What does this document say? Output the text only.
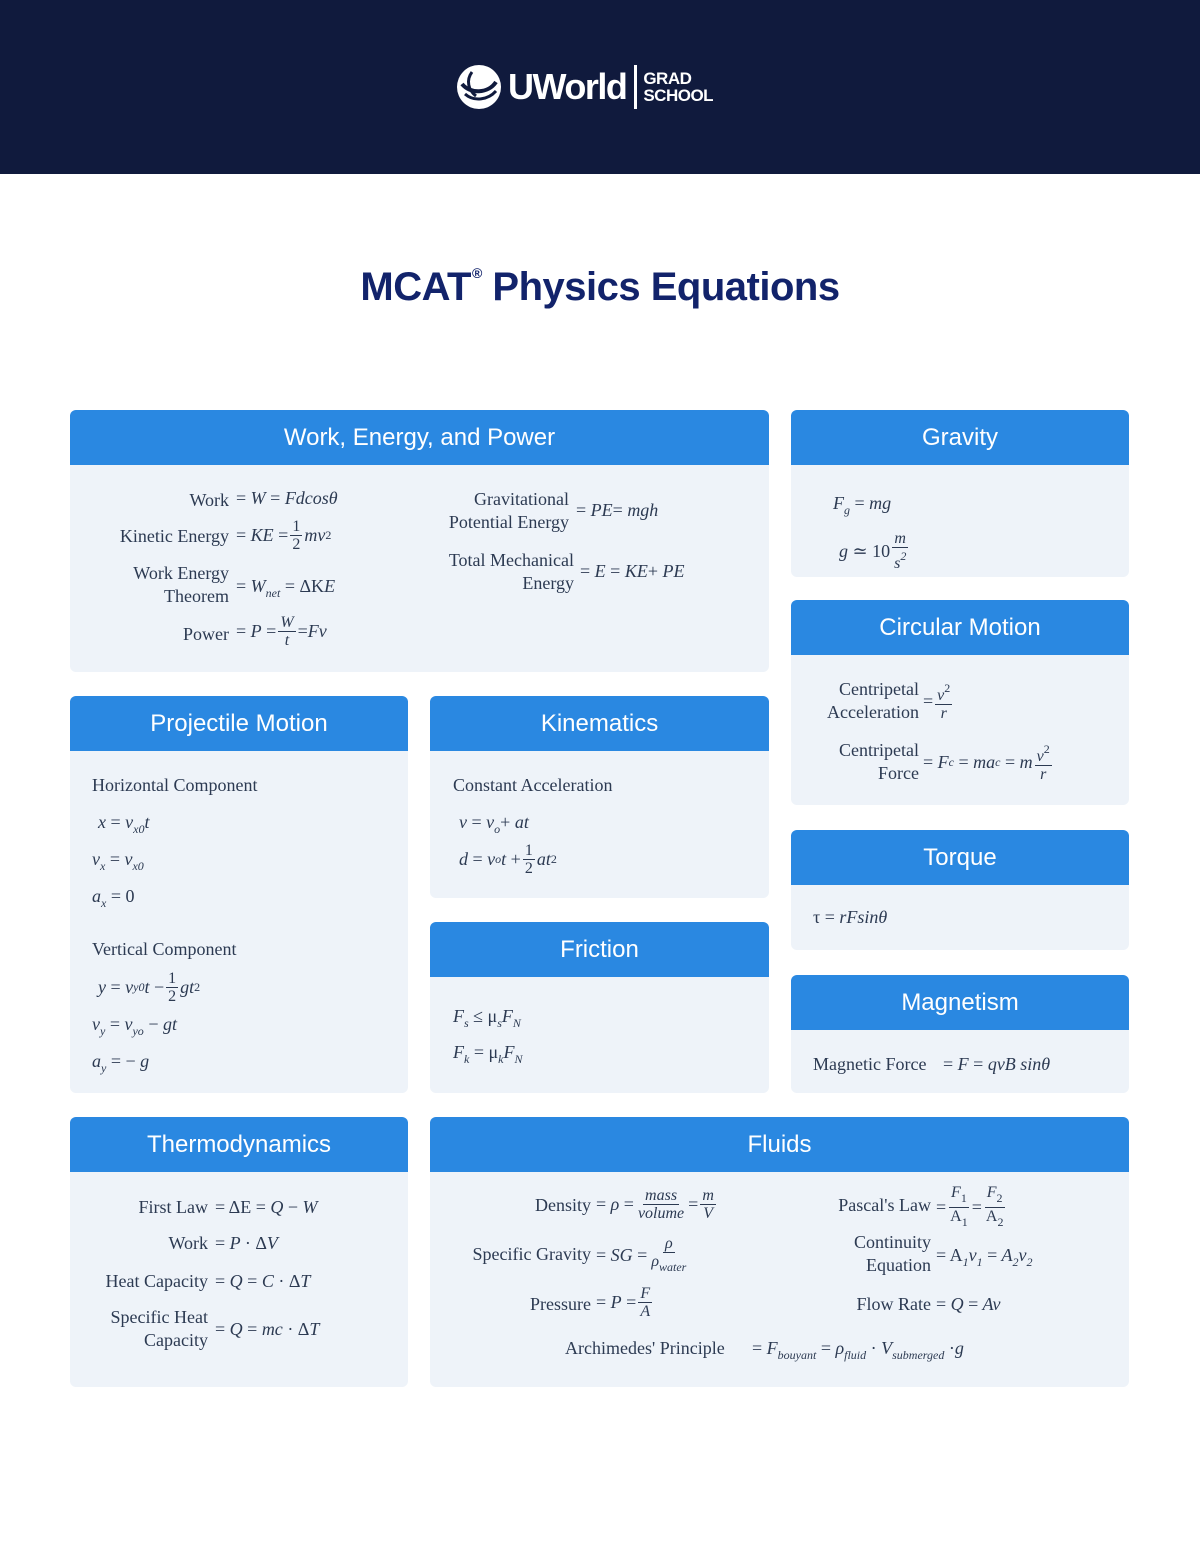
UWorld GRAD
SCHOOL
MCAT® Physics Equations
Work, Energy, and Power
Work = W = Fdcosθ
Kinetic Energy = KE = $\frac{1}{2}$ mv 2
Work Energy
Theorem = $W_{net} = \Delta KE$
Power = $P = \frac{W}{t} = Fv$
Gravitational
Potential Energy
= PE= mgh
Total Mechanical
Energy
= E = KE+ PE
Gravity
$F_g$ = mg
g ≃ $10 \frac{m}{s^2}$
Circular Motion
Centripetal
Acceleration
= $\frac{v^2}{r}$
Centripetal
Force
= F c = ma c = m $\frac{v^2}{r}$
Projectile Motion
Horizontal Component
$x = v_{x0}t$
$v_x = v_{x0}$
$a_x = 0$
Vertical Component
y = v y0 $t - \frac{1}{2}$ gt 2
$v_y = v_{yo}$ − gt
$a_y$ = − g
Kinematics
Constant Acceleration
$v = v_o+$ at
d = v o $t + \frac{1}{2}$ at 2
Friction
$F_s \le \mu_sF_N$
$F_k = \mu_kF_N$
Torque
τ = rFsinθ
Magnetism
Magnetic Force = F = qvB sinθ
Thermodynamics
First Law = ΔE = Q − W
Work = P · ΔV
Heat Capacity = Q = C · ΔT
Specific Heat
Capacity
= Q = mc · ΔT
Fluids
Density = $\rho = \frac{\text{mass}}{\text{volume}} = \frac{m}{V}$
Specific Gravity = SG = $\frac{\rho}{\rho_{water}}$
Pressure = $P = \frac{F}{A}$
Pascal's Law = $\frac{F_1}{A_1} = \frac{F_2}{A_2}$
Continuity
Equation = $A_1v_1 = A_2v_2$
Flow Rate = Q = Av
Archimedes' Principle = $F_{bouyant} = \rho_{fluid} \cdot V_{submerged} \cdot g$
